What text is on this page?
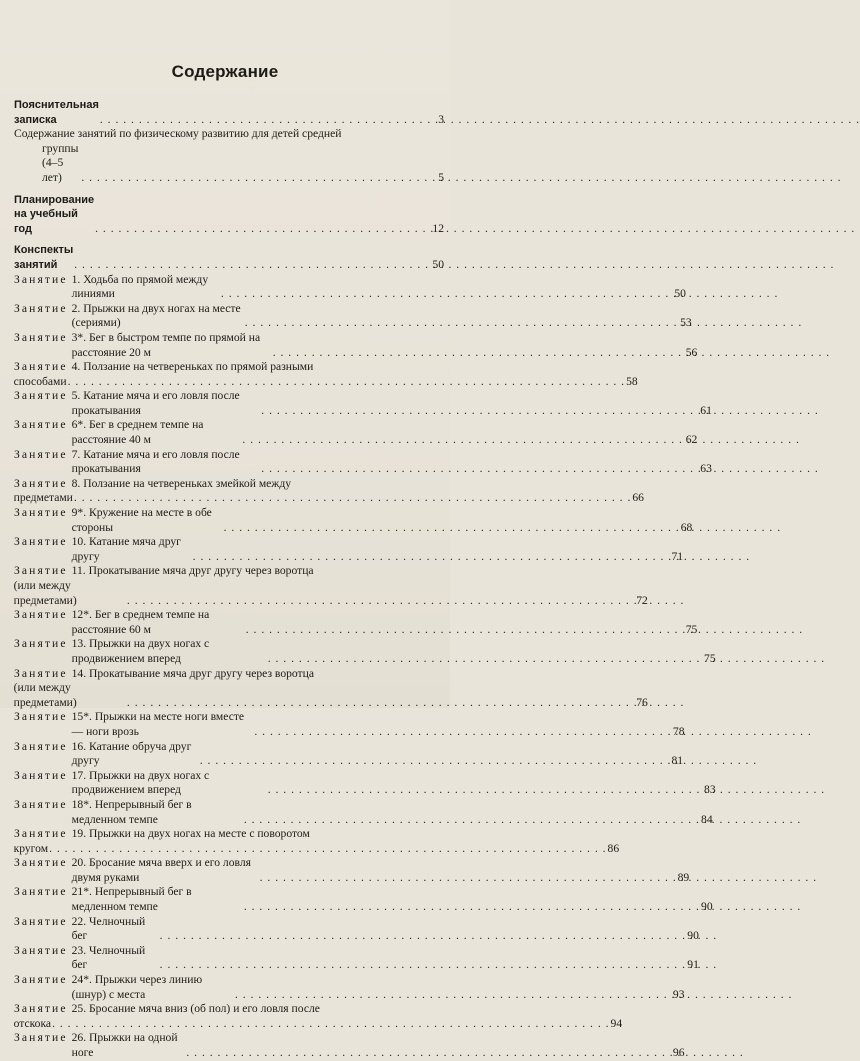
Содержание
Пояснительная записка . . .	3
Содержание занятий по физическому развитию для детей средней
группы (4–5 лет) . . .	5
Планирование на учебный год . . .	12
Конспекты занятий . . .	50
Занятие 1. Ходьба по прямой между линиями . . .	50
Занятие 2. Прыжки на двух ногах на месте (сериями) . . .	53
Занятие 3*. Бег в быстром темпе по прямой на расстояние 20 м . . .	56
Занятие 4. Ползание на четвереньках по прямой разными
способами . . .	58
Занятие 5. Катание мяча и его ловля после прокатывания . . .	61
Занятие 6*. Бег в среднем темпе на расстояние 40 м . . .	62
Занятие 7. Катание мяча и его ловля после прокатывания . . .	63
Занятие 8. Ползание на четвереньках змейкой между
предметами . . .	66
Занятие 9*. Кружение на месте в обе стороны . . .	68
Занятие 10. Катание мяча друг другу . . .	71
Занятие 11. Прокатывание мяча друг другу через воротца
(или между предметами) . . .	72
Занятие 12*. Бег в среднем темпе на расстояние 60 м . . .	75
Занятие 13. Прыжки на двух ногах с продвижением вперед . . .	75
Занятие 14. Прокатывание мяча друг другу через воротца
(или между предметами) . . .	76
Занятие 15*. Прыжки на месте ноги вместе — ноги врозь . . .	78
Занятие 16. Катание обруча друг другу . . .	81
Занятие 17. Прыжки на двух ногах с продвижением вперед . . .	83
Занятие 18*. Непрерывный бег в медленном темпе . . .	84
Занятие 19. Прыжки на двух ногах на месте с поворотом
кругом . . .	86
Занятие 20. Бросание мяча вверх и его ловля двумя руками . . .	89
Занятие 21*. Непрерывный бег в медленном темпе . . .	90
Занятие 22. Челночный бег . . .	90
Занятие 23. Челночный бег . . .	91
Занятие 24*. Прыжки через линию (шнур) с места . . .	93
Занятие 25. Бросание мяча вниз (об пол) и его ловля после
отскока . . .	94
Занятие 26. Прыжки на одной ноге . . .	96
